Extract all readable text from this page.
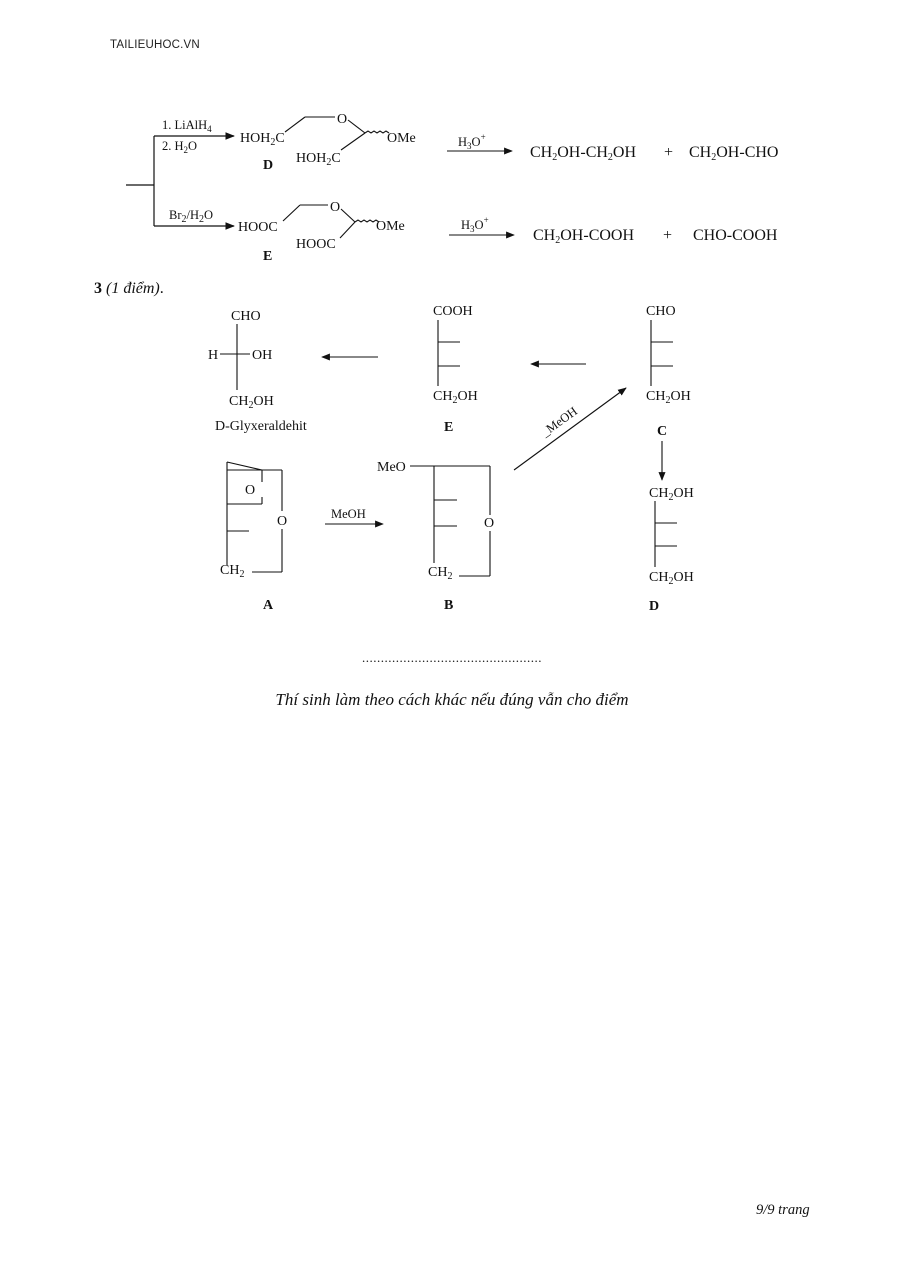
TAILIEUHOC.VN
1. LiAlH$_4$
2. $H_2O$	$HOH_2C$
$HOH_2C$
O
OMe
D
$H_3O^+$
CH2OH-CH2OH + CH2OH-CHO
$Br_2/H_2O$
HOOC
HOOC
O
OMe
E
$H_3O^+$
CH2OH-COOH + CHO-COOH
3 (1 điểm).
CHO
H OH
$CH_2OH$
D-Glyxeraldehit
COOH
$CH_2OH$
E
CHO
$CH_2OH$
C
$CH_2OH$
$CH_2OH$
D
O
O
$CH_2$
A
MeOH
MeO
O
$CH_2$
B
_MeOH
................................................
Thí sinh làm theo cách khác nếu đúng vẫn cho điểm
9/9 trang
